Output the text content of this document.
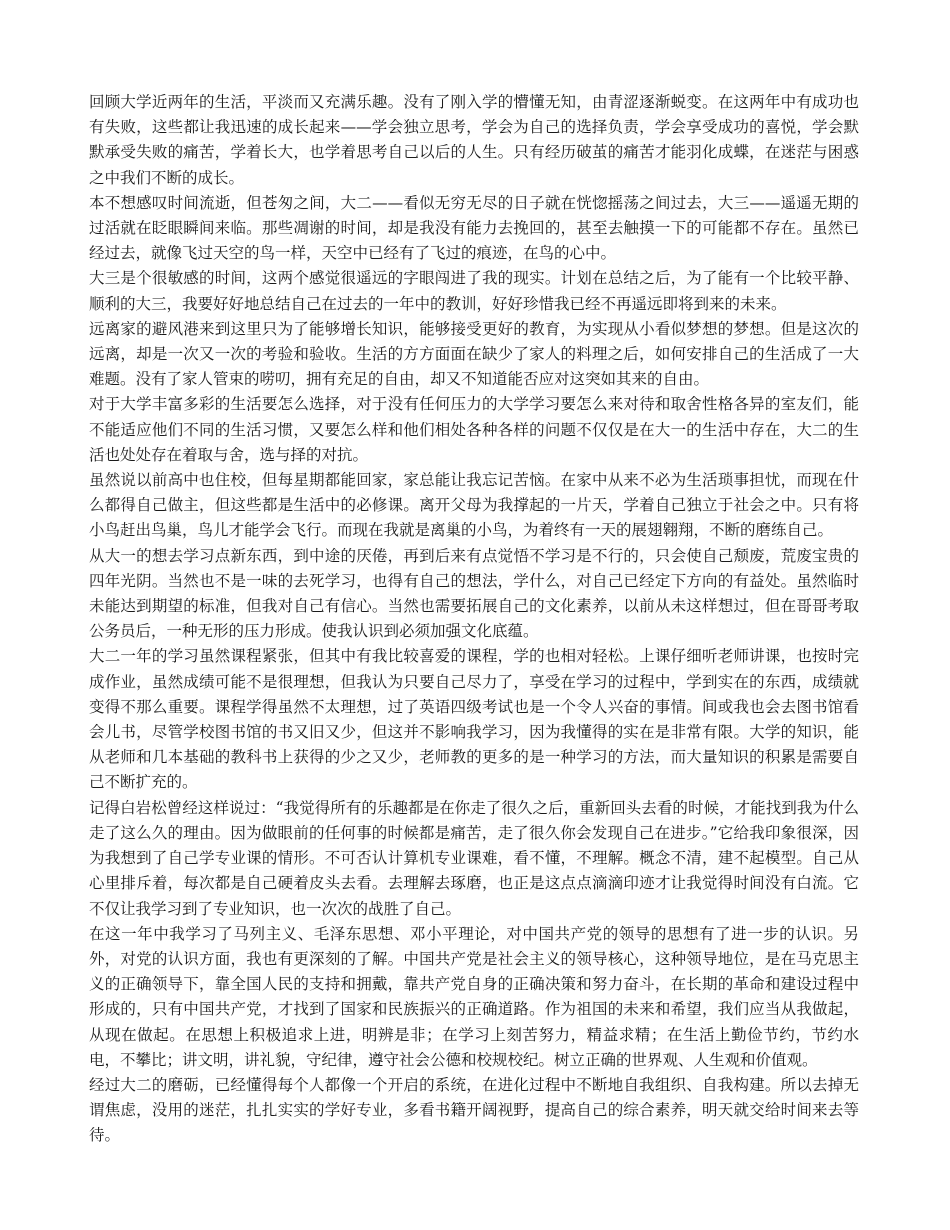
回顾大学近两年的生活，平淡而又充满乐趣。没有了刚入学的懵懂无知，由青涩逐渐蜕变。在这两年中有成功也有失败，这些都让我迅速的成长起来——学会独立思考，学会为自己的选择负责，学会享受成功的喜悦，学会默默承受失败的痛苦，学着长大，也学着思考自己以后的人生。只有经历破茧的痛苦才能羽化成蝶，在迷茫与困惑之中我们不断的成长。

本不想感叹时间流逝，但苍匆之间，大二——看似无穷无尽的日子就在恍惚摇荡之间过去，大三——遥遥无期的过活就在眨眼瞬间来临。那些凋谢的时间，却是我没有能力去挽回的，甚至去触摸一下的可能都不存在。虽然已经过去，就像飞过天空的鸟一样，天空中已经有了飞过的痕迹，在鸟的心中。

大三是个很敏感的时间，这两个感觉很遥远的字眼闯进了我的现实。计划在总结之后，为了能有一个比较平静、顺利的大三，我要好好地总结自己在过去的一年中的教训，好好珍惜我已经不再遥远即将到来的未来。

远离家的避风港来到这里只为了能够增长知识，能够接受更好的教育，为实现从小看似梦想的梦想。但是这次的远离，却是一次又一次的考验和验收。生活的方方面面在缺少了家人的料理之后，如何安排自己的生活成了一大难题。没有了家人管束的唠叨，拥有充足的自由，却又不知道能否应对这突如其来的自由。

对于大学丰富多彩的生活要怎么选择，对于没有任何压力的大学学习要怎么来对待和取舍性格各异的室友们，能不能适应他们不同的生活习惯，又要怎么样和他们相处各种各样的问题不仅仅是在大一的生活中存在，大二的生活也处处存在着取与舍，选与择的对抗。

虽然说以前高中也住校，但每星期都能回家，家总能让我忘记苦恼。在家中从来不必为生活琐事担忧，而现在什么都得自己做主，但这些都是生活中的必修课。离开父母为我撑起的一片天，学着自己独立于社会之中。只有将小鸟赶出鸟巢，鸟儿才能学会飞行。而现在我就是离巢的小鸟，为着终有一天的展翅翱翔，不断的磨练自己。

从大一的想去学习点新东西，到中途的厌倦，再到后来有点觉悟不学习是不行的，只会使自己颓废，荒废宝贵的四年光阴。当然也不是一味的去死学习，也得有自己的想法，学什么，对自己已经定下方向的有益处。虽然临时未能达到期望的标准，但我对自己有信心。当然也需要拓展自己的文化素养，以前从未这样想过，但在哥哥考取公务员后，一种无形的压力形成。使我认识到必须加强文化底蕴。

大二一年的学习虽然课程紧张，但其中有我比较喜爱的课程，学的也相对轻松。上课仔细听老师讲课，也按时完成作业，虽然成绩可能不是很理想，但我认为只要自己尽力了，享受在学习的过程中，学到实在的东西，成绩就变得不那么重要。课程学得虽然不太理想，过了英语四级考试也是一个令人兴奋的事情。间或我也会去图书馆看会儿书，尽管学校图书馆的书又旧又少，但这并不影响我学习，因为我懂得的实在是非常有限。大学的知识，能从老师和几本基础的教科书上获得的少之又少，老师教的更多的是一种学习的方法，而大量知识的积累是需要自己不断扩充的。

记得白岩松曾经这样说过：“我觉得所有的乐趣都是在你走了很久之后，重新回头去看的时候，才能找到我为什么走了这么久的理由。因为做眼前的任何事的时候都是痛苦，走了很久你会发现自己在进步。”它给我印象很深，因为我想到了自己学专业课的情形。不可否认计算机专业课难，看不懂，不理解。概念不清，建不起模型。自己从心里排斥着，每次都是自己硬着皮头去看。去理解去琢磨，也正是这点点滴滴印迹才让我觉得时间没有白流。它不仅让我学习到了专业知识，也一次次的战胜了自己。

在这一年中我学习了马列主义、毛泽东思想、邓小平理论，对中国共产党的领导的思想有了进一步的认识。另外，对党的认识方面，我也有更深刻的了解。中国共产党是社会主义的领导核心，这种领导地位，是在马克思主义的正确领导下，靠全国人民的支持和拥戴，靠共产党自身的正确决策和努力奋斗，在长期的革命和建设过程中形成的，只有中国共产党，才找到了国家和民族振兴的正确道路。作为祖国的未来和希望，我们应当从我做起，从现在做起。在思想上积极追求上进，明辨是非；在学习上刻苦努力，精益求精；在生活上勤俭节约，节约水电，不攀比；讲文明，讲礼貌，守纪律，遵守社会公德和校规校纪。树立正确的世界观、人生观和价值观。

经过大二的磨砺，已经懂得每个人都像一个开启的系统，在进化过程中不断地自我组织、自我构建。所以去掉无谓焦虑，没用的迷茫，扎扎实实的学好专业，多看书籍开阔视野，提高自己的综合素养，明天就交给时间来去等待。
